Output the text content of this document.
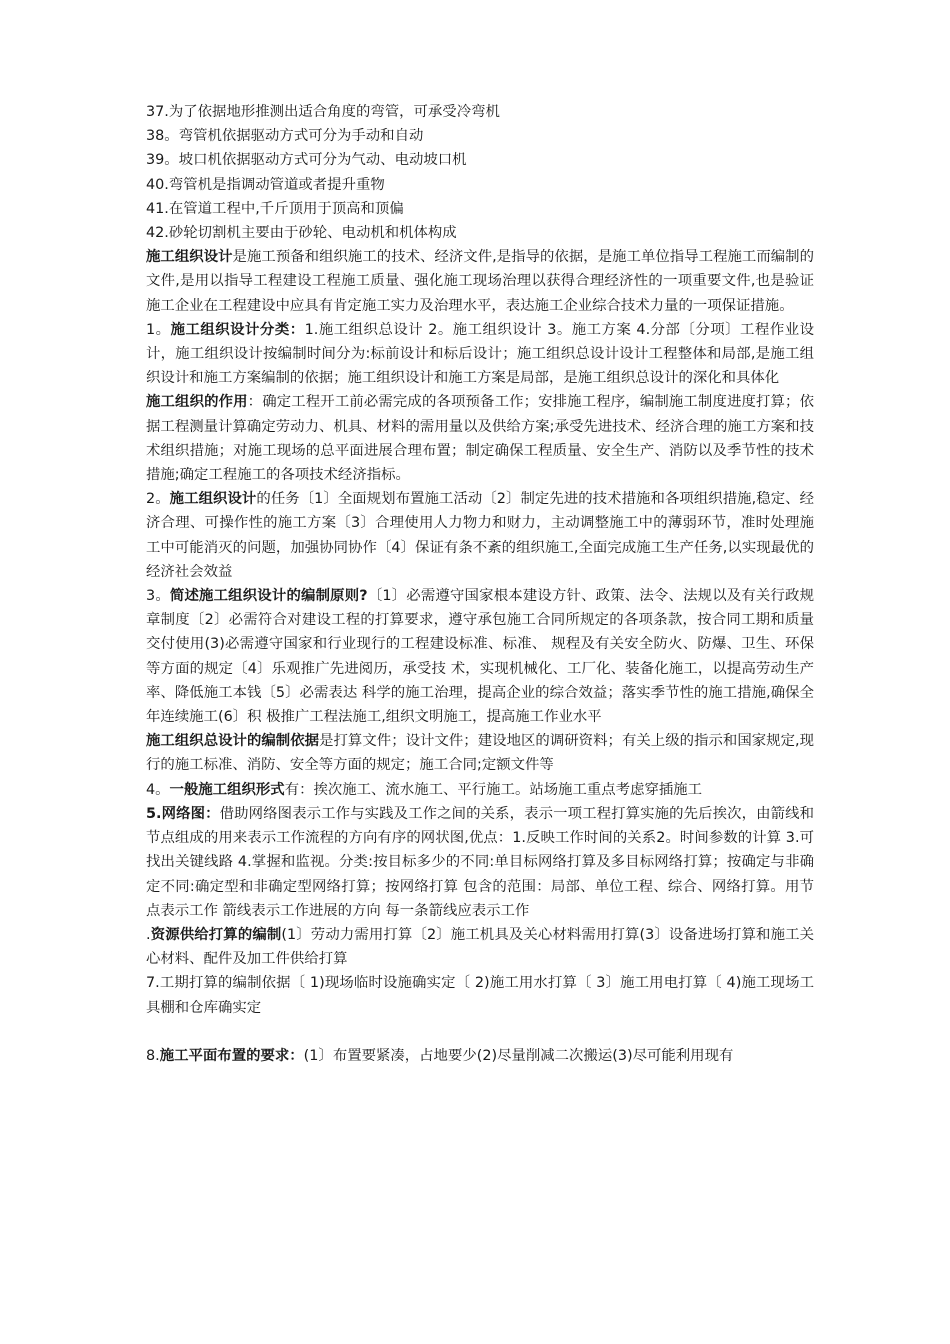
37.为了依据地形推测出适合角度的弯管，可承受冷弯机

38。弯管机依据驱动方式可分为手动和自动

39。坡口机依据驱动方式可分为气动、电动坡口机

40.弯管机是指调动管道或者提升重物

41.在管道工程中,千斤顶用于顶高和顶偏

42.砂轮切割机主要由于砂轮、电动机和机体构成

施工组织设计是施工预备和组织施工的技术、经济文件,是指导的依据，是施工单位指导工程施工而编制的文件,是用以指导工程建设工程施工质量、强化施工现场治理以获得合理经济性的一项重要文件,也是验证施工企业在工程建设中应具有肯定施工实力及治理水平，表达施工企业综合技术力量的一项保证措施。

1。施工组织设计分类：1.施工组织总设计 2。施工组织设计 3。施工方案 4.分部〔分项〕工程作业设计，施工组织设计按编制时间分为:标前设计和标后设计；施工组织总设计设计工程整体和局部,是施工组织设计和施工方案编制的依据；施工组织设计和施工方案是局部，是施工组织总设计的深化和具体化

施工组织的作用：确定工程开工前必需完成的各项预备工作；安排施工程序，编制施工制度进度打算；依据工程测量计算确定劳动力、机具、材料的需用量以及供给方案;承受先进技术、经济合理的施工方案和技术组织措施；对施工现场的总平面进展合理布置；制定确保工程质量、安全生产、消防以及季节性的技术措施;确定工程施工的各项技术经济指标。

2。施工组织设计的任务〔1〕全面规划布置施工活动〔2〕制定先进的技术措施和各项组织措施,稳定、经济合理、可操作性的施工方案〔3〕合理使用人力物力和财力，主动调整施工中的薄弱环节，准时处理施工中可能消灭的问题，加强协同协作〔4〕保证有条不紊的组织施工,全面完成施工生产任务,以实现最优的经济社会效益

3。简述施工组织设计的编制原则?〔1〕必需遵守国家根本建设方针、政策、法令、法规以及有关行政规章制度〔2〕必需符合对建设工程的打算要求，遵守承包施工合同所规定的各项条款，按合同工期和质量交付使用(3)必需遵守国家和行业现行的工程建设标准、标准、 规程及有关安全防火、防爆、卫生、环保等方面的规定〔4〕乐观推广先进阅历，承受技 术，实现机械化、工厂化、装备化施工，以提高劳动生产率、降低施工本钱〔5〕必需表达 科学的施工治理，提高企业的综合效益；落实季节性的施工措施,确保全年连续施工(6〕积 极推广工程法施工,组织文明施工，提高施工作业水平

施工组织总设计的编制依据是打算文件；设计文件；建设地区的调研资料；有关上级的指示和国家规定,现行的施工标准、消防、安全等方面的规定；施工合同;定额文件等

4。一般施工组织形式有：挨次施工、流水施工、平行施工。站场施工重点考虑穿插施工

5.网络图：借助网络图表示工作与实践及工作之间的关系，表示一项工程打算实施的先后挨次，由箭线和节点组成的用来表示工作流程的方向有序的网状图,优点：1.反映工作时间的关系2。时间参数的计算 3.可找出关键线路 4.掌握和监视。分类:按目标多少的不同:单目标网络打算及多目标网络打算；按确定与非确定不同:确定型和非确定型网络打算；按网络打算 包含的范围：局部、单位工程、综合、网络打算。用节点表示工作 箭线表示工作进展的方向 每一条箭线应表示工作

.资源供给打算的编制(1〕劳动力需用打算〔2〕施工机具及关心材料需用打算(3〕设备进场打算和施工关心材料、配件及加工件供给打算

7.工期打算的编制依据〔 1)现场临时设施确实定〔 2)施工用水打算〔 3〕施工用电打算〔 4)施工现场工具棚和仓库确实定

8.施工平面布置的要求：(1〕布置要紧凑，占地要少(2)尽量削减二次搬运(3)尽可能利用现有
